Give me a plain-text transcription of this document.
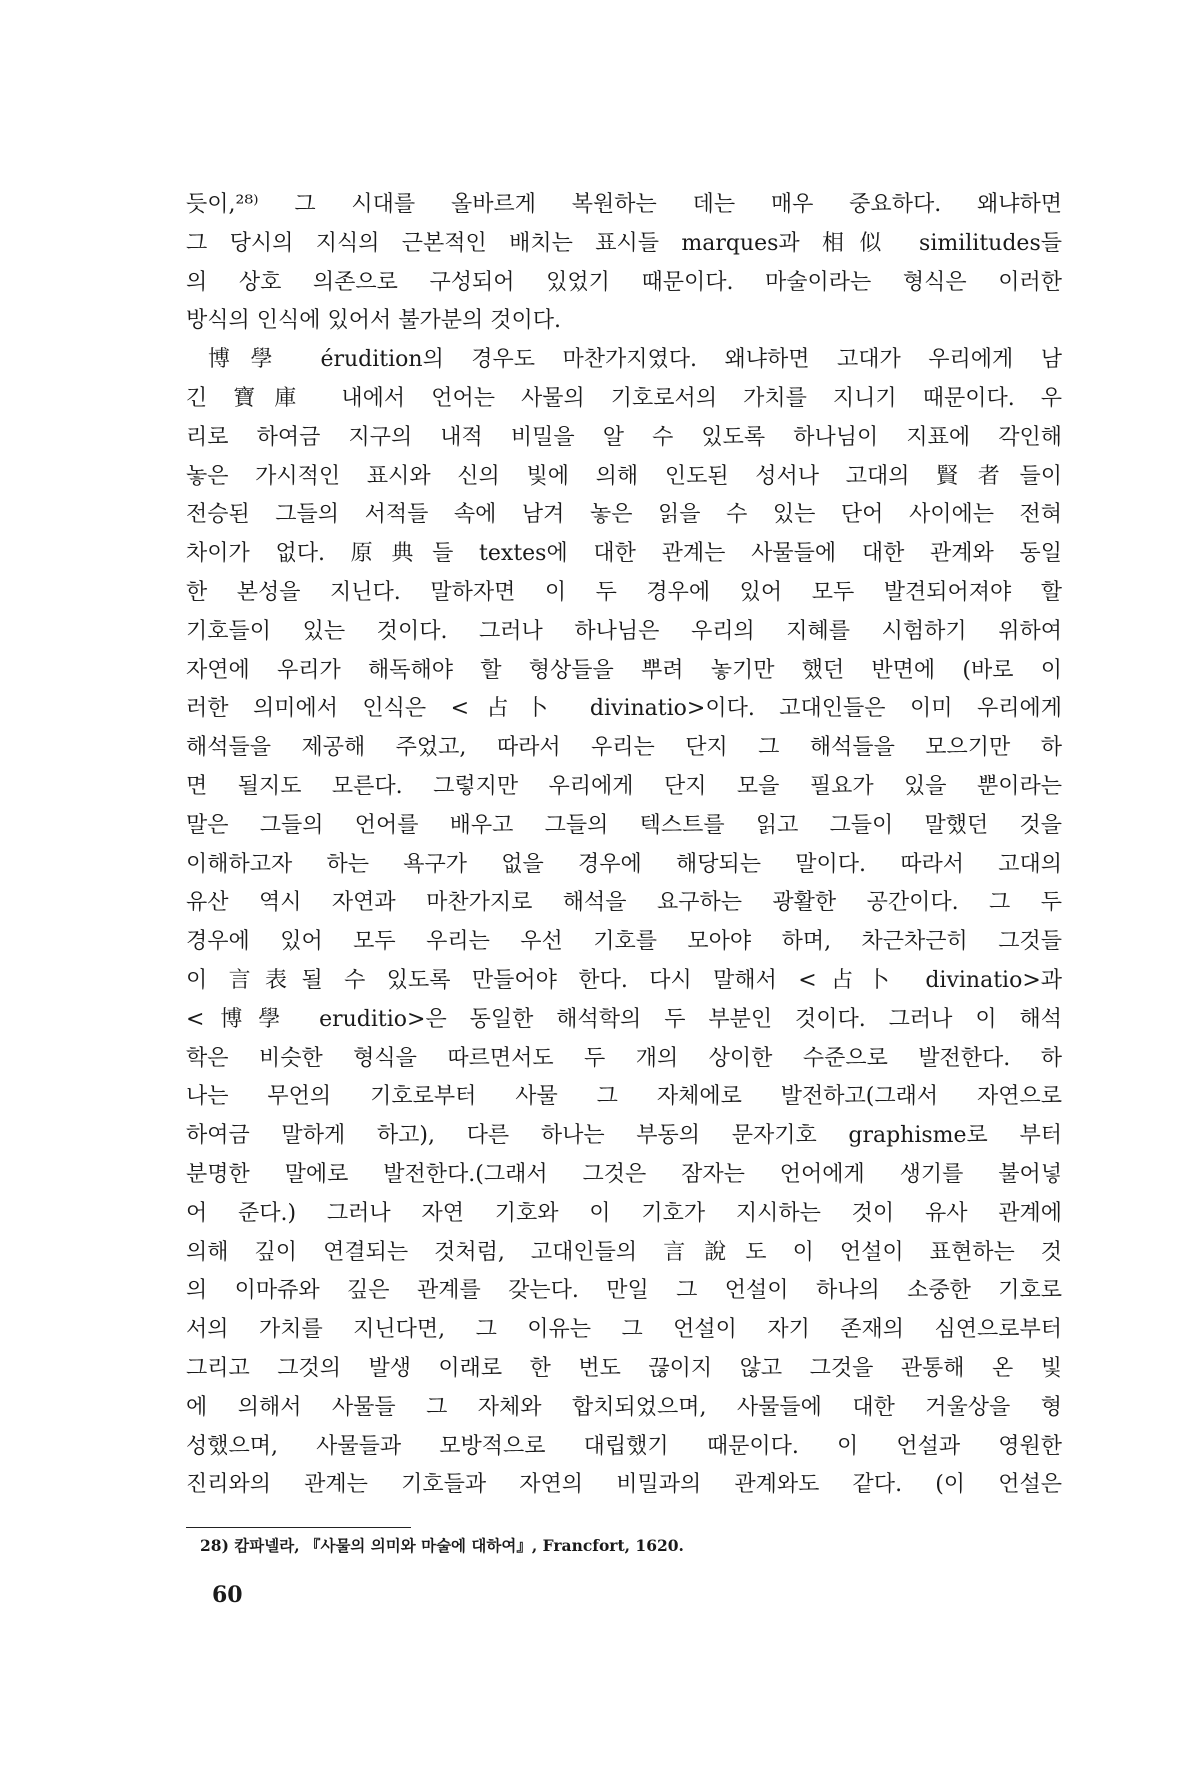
듯이,²⁸⁾ 그 시대를 올바르게 복원하는 데는 매우 중요하다. 왜냐하면
그 당시의 지식의 근본적인 배치는 표시들 marques과 相似 similitudes들
의 상호 의존으로 구성되어 있었기 때문이다. 마술이라는 형식은 이러한
방식의 인식에 있어서 불가분의 것이다.
博學 érudition의 경우도 마찬가지였다. 왜냐하면 고대가 우리에게 남
긴 寶庫 내에서 언어는 사물의 기호로서의 가치를 지니기 때문이다. 우
리로 하여금 지구의 내적 비밀을 알 수 있도록 하나님이 지표에 각인해
놓은 가시적인 표시와 신의 빛에 의해 인도된 성서나 고대의 賢者들이
전승된 그들의 서적들 속에 남겨 놓은 읽을 수 있는 단어 사이에는 전혀
차이가 없다. 原典들 textes에 대한 관계는 사물들에 대한 관계와 동일
한 본성을 지닌다. 말하자면 이 두 경우에 있어 모두 발견되어져야 할
기호들이 있는 것이다. 그러나 하나님은 우리의 지혜를 시험하기 위하여
자연에 우리가 해독해야 할 형상들을 뿌려 놓기만 했던 반면에 (바로 이
러한 의미에서 인식은 <占卜 divinatio>이다. 고대인들은 이미 우리에게
해석들을 제공해 주었고, 따라서 우리는 단지 그 해석들을 모으기만 하
면 될지도 모른다. 그렇지만 우리에게 단지 모을 필요가 있을 뿐이라는
말은 그들의 언어를 배우고 그들의 텍스트를 읽고 그들이 말했던 것을
이해하고자 하는 욕구가 없을 경우에 해당되는 말이다. 따라서 고대의
유산 역시 자연과 마찬가지로 해석을 요구하는 광활한 공간이다. 그 두
경우에 있어 모두 우리는 우선 기호를 모아야 하며, 차근차근히 그것들
이 言表될 수 있도록 만들어야 한다. 다시 말해서 <占卜 divinatio>과
<博學 eruditio>은 동일한 해석학의 두 부분인 것이다. 그러나 이 해석
학은 비슷한 형식을 따르면서도 두 개의 상이한 수준으로 발전한다. 하
나는 무언의 기호로부터 사물 그 자체에로 발전하고(그래서 자연으로
하여금 말하게 하고), 다른 하나는 부동의 문자기호 graphisme로 부터
분명한 말에로 발전한다.(그래서 그것은 잠자는 언어에게 생기를 불어넣
어 준다.) 그러나 자연 기호와 이 기호가 지시하는 것이 유사 관계에
의해 깊이 연결되는 것처럼, 고대인들의 言說도 이 언설이 표현하는 것
의 이마쥬와 깊은 관계를 갖는다. 만일 그 언설이 하나의 소중한 기호로
서의 가치를 지닌다면, 그 이유는 그 언설이 자기 존재의 심연으로부터
그리고 그것의 발생 이래로 한 번도 끊이지 않고 그것을 관통해 온 빛
에 의해서 사물들 그 자체와 합치되었으며, 사물들에 대한 거울상을 형
성했으며, 사물들과 모방적으로 대립했기 때문이다. 이 언설과 영원한
진리와의 관계는 기호들과 자연의 비밀과의 관계와도 같다. (이 언설은
28) 캄파넬라, 『사물의 의미와 마술에 대하여』, Francfort, 1620.
60
